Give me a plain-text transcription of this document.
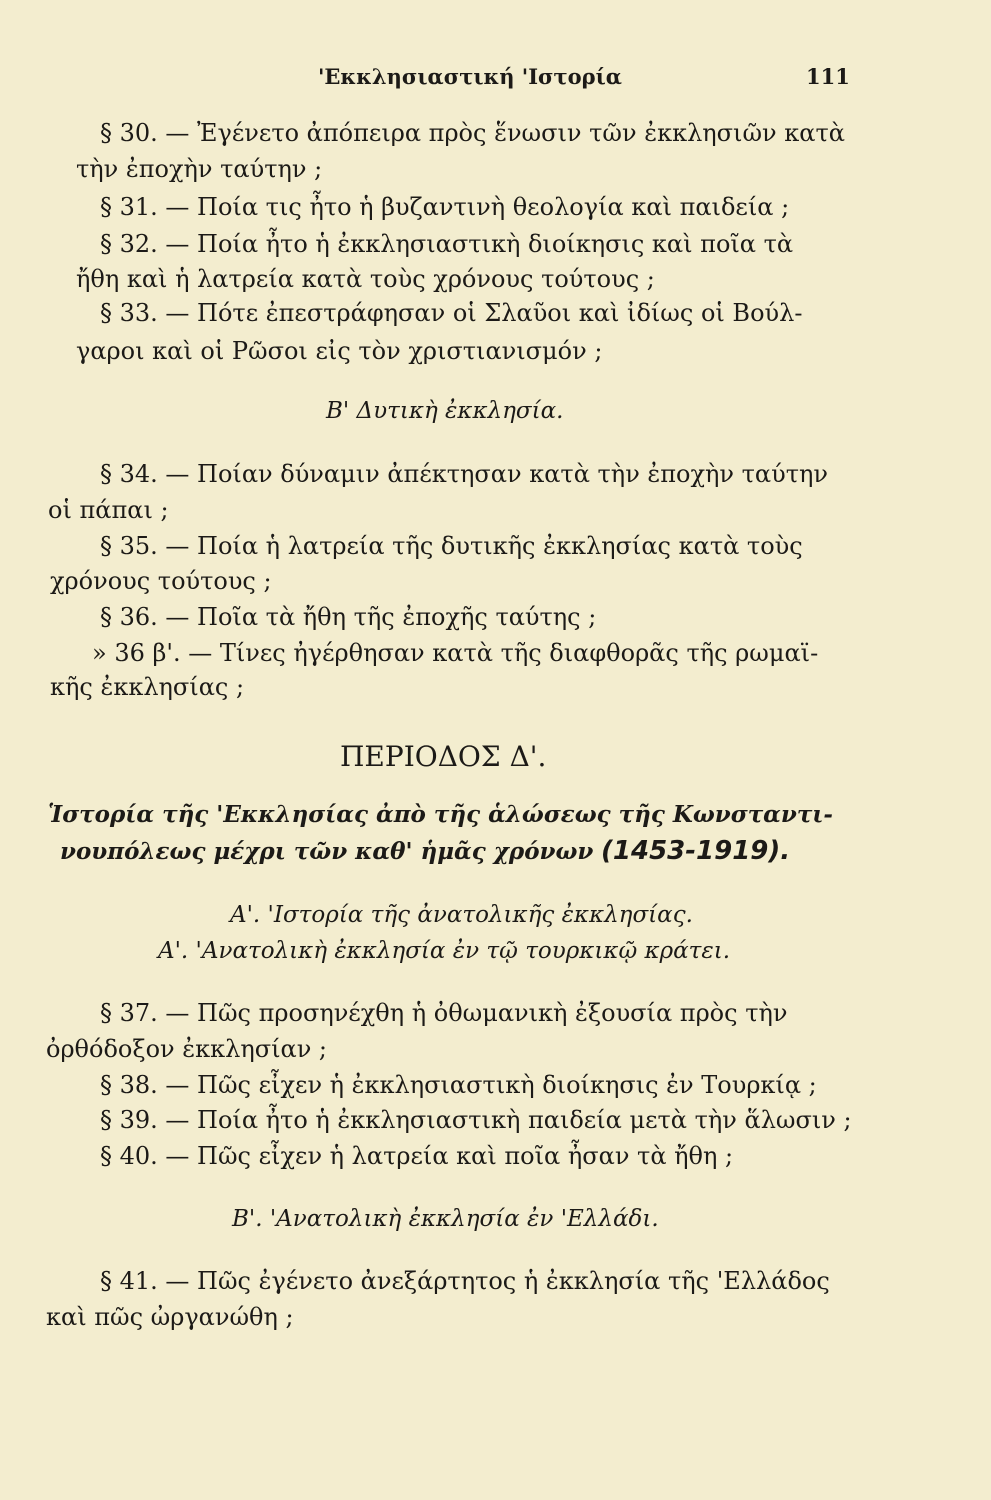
'Εκκλησιαστική 'Ιστορία	111
§ 30. — Ἐγένετο ἀπόπειρα πρὸς ἕνωσιν τῶν ἐκκλησιῶν κατὰ
τὴν ἐποχὴν ταύτην ;
§ 31. — Ποία τις ἦτο ἡ βυζαντινὴ θεολογία καὶ παιδεία ;
§ 32. — Ποία ἦτο ἡ ἐκκλησιαστικὴ διοίκησις καὶ ποῖα τὰ
ἤθη καὶ ἡ λατρεία κατὰ τοὺς χρόνους τούτους ;
§ 33. — Πότε ἐπεστράφησαν οἱ Σλαῦοι καὶ ἰδίως οἱ Βούλ-
γαροι καὶ οἱ Ρῶσοι εἰς τὸν χριστιανισμόν ;
Β' Δυτικὴ ἐκκλησία.
§ 34. — Ποίαν δύναμιν ἀπέκτησαν κατὰ τὴν ἐποχὴν ταύτην
οἱ πάπαι ;
§ 35. — Ποία ἡ λατρεία τῆς δυτικῆς ἐκκλησίας κατὰ τοὺς
χρόνους τούτους ;
§ 36. — Ποῖα τὰ ἤθη τῆς ἐποχῆς ταύτης ;
» 36 β'. — Τίνες ἠγέρθησαν κατὰ τῆς διαφθορᾶς τῆς ρωμαϊ-
κῆς ἐκκλησίας ;
ΠΕΡΙΟΔΟΣ Δ'.
Ἱστορία τῆς 'Εκκλησίας ἀπὸ τῆς ἁλώσεως τῆς Κωνσταντι-
νουπόλεως μέχρι τῶν καθ' ἡμᾶς χρόνων (1453-1919).
Α'. 'Ιστορία τῆς ἀνατολικῆς ἐκκλησίας.
Α'. 'Ανατολικὴ ἐκκλησία ἐν τῷ τουρκικῷ κράτει.
§ 37. — Πῶς προσηνέχθη ἡ ὀθωμανικὴ ἐξουσία πρὸς τὴν
ὀρθόδοξον ἐκκλησίαν ;
§ 38. — Πῶς εἶχεν ἡ ἐκκλησιαστικὴ διοίκησις ἐν Τουρκίᾳ ;
§ 39. — Ποία ἦτο ἡ ἐκκλησιαστικὴ παιδεία μετὰ τὴν ἅλωσιν ;
§ 40. — Πῶς εἶχεν ἡ λατρεία καὶ ποῖα ἦσαν τὰ ἤθη ;
Β'. 'Ανατολικὴ ἐκκλησία ἐν 'Ελλάδι.
§ 41. — Πῶς ἐγένετο ἀνεξάρτητος ἡ ἐκκλησία τῆς 'Ελλάδος
καὶ πῶς ὠργανώθη ;
